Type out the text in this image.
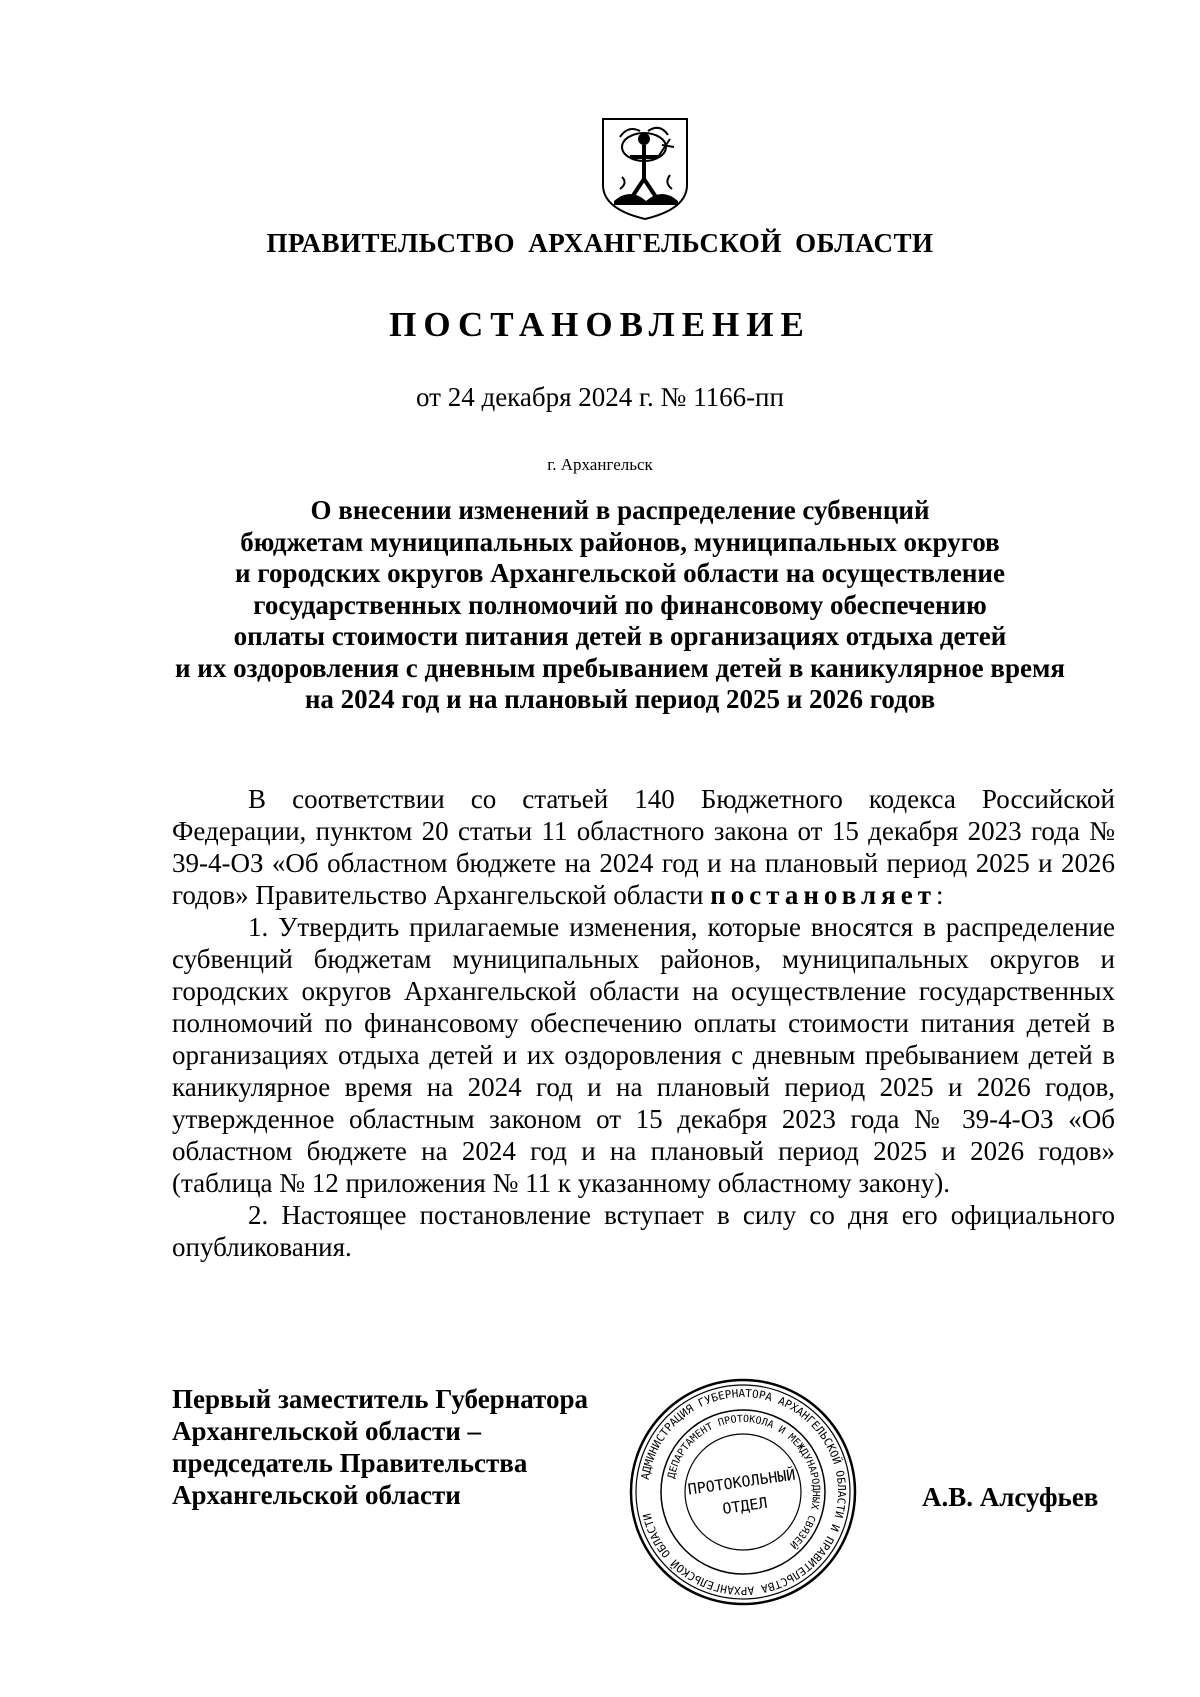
ПРАВИТЕЛЬСТВО АРХАНГЕЛЬСКОЙ ОБЛАСТИ
ПОСТАНОВЛЕНИЕ
от 24 декабря 2024 г. № 1166-пп
г. Архангельск
О внесении изменений в распределение субвенций
бюджетам муниципальных районов, муниципальных округов
и городских округов Архангельской области на осуществление
государственных полномочий по финансовому обеспечению
оплаты стоимости питания детей в организациях отдыха детей
и их оздоровления с дневным пребыванием детей в каникулярное время
на 2024 год и на плановый период 2025 и 2026 годов

В соответствии со статьей 140 Бюджетного кодекса Российской Федерации, пунктом 20 статьи 11 областного закона от 15 декабря 2023 года № 39-4-ОЗ «Об областном бюджете на 2024 год и на плановый период 2025 и 2026 годов» Правительство Архангельской области постановляет:

1. Утвердить прилагаемые изменения, которые вносятся в распределение субвенций бюджетам муниципальных районов, муниципальных округов и городских округов Архангельской области на осуществление государственных полномочий по финансовому обеспечению оплаты стоимости питания детей в организациях отдыха детей и их оздоровления с дневным пребыванием детей в каникулярное время на 2024 год и на плановый период 2025 и 2026 годов, утвержденное областным законом от 15 декабря 2023 года № 39-4-ОЗ «Об областном бюджете на 2024 год и на плановый период 2025 и 2026 годов» (таблица № 12 приложения № 11 к указанному областному закону).

2. Настоящее постановление вступает в силу со дня его официального опубликования.

Первый заместитель Губернатора
Архангельской области –
председатель Правительства
Архангельской области
АДМИНИСТРАЦИЯ ГУБЕРНАТОРА АРХАНГЕЛЬСКОЙ ОБЛАСТИ И ПРАВИТЕЛЬСТВА АРХАНГЕЛЬСКОЙ ОБЛАСТИ
ДЕПАРТАМЕНТ ПРОТОКОЛА И МЕЖДУНАРОДНЫХ СВЯЗЕЙ
ПРОТОКОЛЬНЫЙ
ОТДЕЛ	А.В. Алсуфьев
